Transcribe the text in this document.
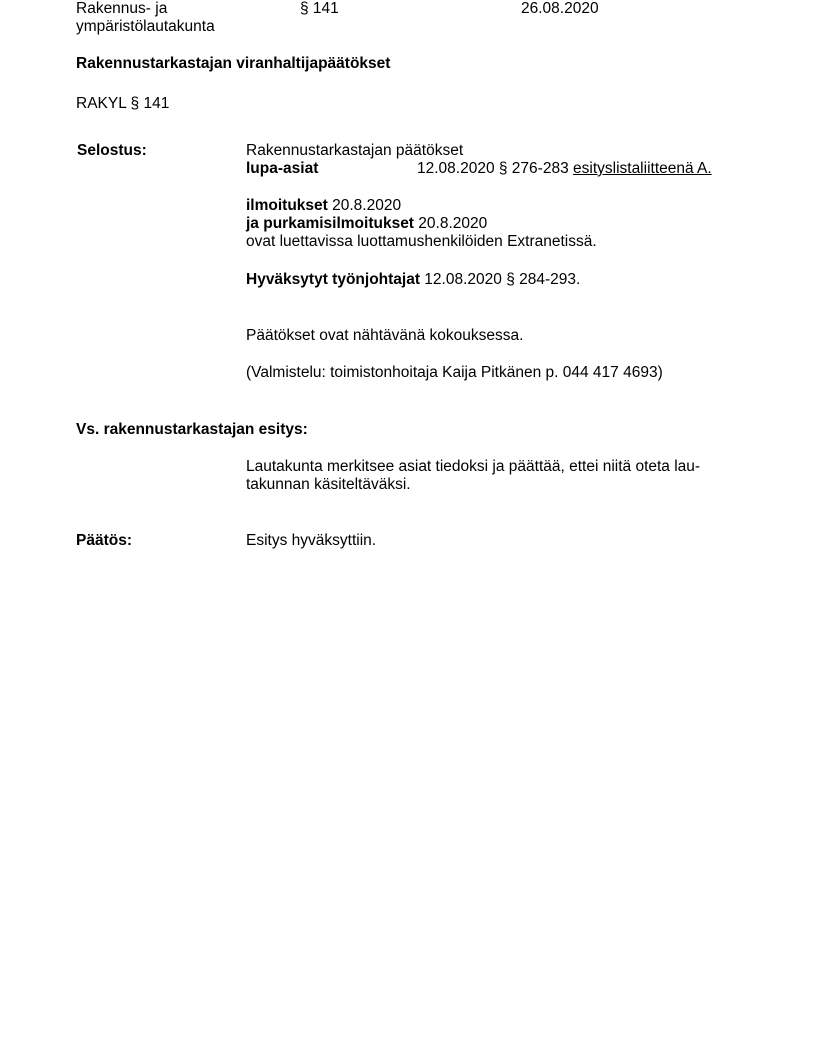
Rakennus- ja
ympäristölautakunta
§ 141	26.08.2020
Rakennustarkastajan viranhaltijapäätökset
RAKYL § 141
Selostus:	Rakennustarkastajan päätökset
lupa-asiat	12.08.2020 § 276-283 esityslistaliitteenä A.
ilmoitukset 20.8.2020
ja purkamisilmoitukset 20.8.2020
ovat luettavissa luottamushenkilöiden Extranetissä.
Hyväksytyt työnjohtajat 12.08.2020 § 284-293.
Päätökset ovat nähtävänä kokouksessa.
(Valmistelu: toimistonhoitaja Kaija Pitkänen p. 044 417 4693)
Vs. rakennustarkastajan esitys:
Lautakunta merkitsee asiat tiedoksi ja päättää, ettei niitä oteta lau-
takunnan käsiteltäväksi.
Päätös:	Esitys hyväksyttiin.
